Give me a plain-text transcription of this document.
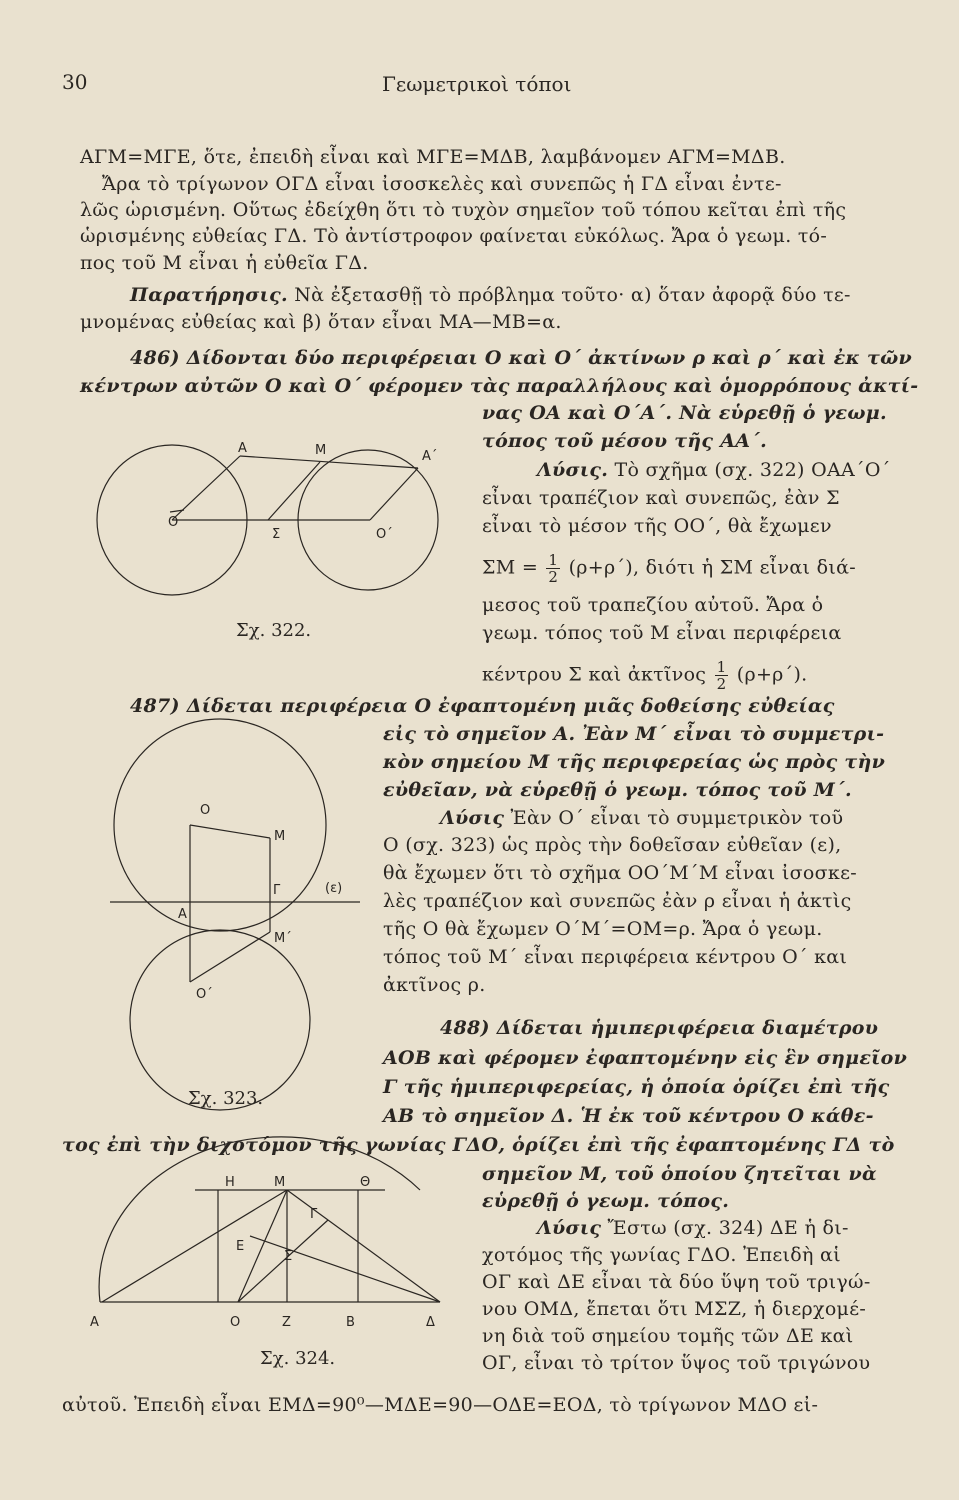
30	Γεωμετρικοὶ τόποι
ΑΓΜ=ΜΓΕ, ὅτε, ἐπειδὴ εἶναι καὶ ΜΓΕ=ΜΔΒ, λαμβάνομεν ΑΓΜ=ΜΔΒ.
Ἄρα τὸ τρίγωνον ΟΓΔ εἶναι ἰσοσκελὲς καὶ συνεπῶς ἡ ΓΔ εἶναι ἐντε-
λῶς ὡρισμένη. Οὕτως ἐδείχθη ὅτι τὸ τυχὸν σημεῖον τοῦ τόπου κεῖται ἐπὶ τῆς
ὡρισμένης εὐθείας ΓΔ. Τὸ ἀντίστροφον φαίνεται εὐκόλως. Ἄρα ὁ γεωμ. τό-
πος τοῦ Μ εἶναι ἡ εὐθεῖα ΓΔ.
Παρατήρησις. Νὰ ἐξετασθῇ τὸ πρόβλημα τοῦτο· α) ὅταν ἀφορᾷ δύο τε-
μνομένας εὐθείας καὶ β) ὅταν εἶναι ΜΑ—ΜΒ=α.
486) Δίδονται δύο περιφέρειαι Ο καὶ Ο΄ ἀκτίνων ρ καὶ ρ΄ καὶ ἐκ τῶν
κέντρων αὐτῶν Ο καὶ Ο΄ φέρομεν τὰς παραλλήλους καὶ ὁμορρόπους ἀκτί-
νας ΟΑ καὶ Ο΄Α΄. Νὰ εὑρεθῇ ὁ γεωμ.
τόπος τοῦ μέσου τῆς ΑΑ΄.
Λύσις. Τὸ σχῆμα (σχ. 322) ΟΑΑ΄Ο΄
εἶναι τραπέζιον καὶ συνεπῶς, ἐὰν Σ
εἶναι τὸ μέσον τῆς ΟΟ΄, θὰ ἔχωμεν
$\Sigma M = \frac{1}{2} (\rho+\rho΄)$, διότι ἡ ΣΜ εἶναι διά-
μεσος τοῦ τραπεζίου αὐτοῦ. Ἄρα ὁ
γεωμ. τόπος τοῦ Μ εἶναι περιφέρεια
κέντρου Σ καὶ ἀκτῖνος $\frac{1}{2} (\rho+\rho΄)$.
Α	Μ	Α΄
Ο
Σ	Ο΄
Σχ. 322.
487) Δίδεται περιφέρεια Ο ἐφαπτομένη μιᾶς δοθείσης εὐθείας
εἰς τὸ σημεῖον Α. Ἐὰν Μ΄ εἶναι τὸ συμμετρι-
κὸν σημείου Μ τῆς περιφερείας ὡς πρὸς τὴν
εὐθεῖαν, νὰ εὑρεθῇ ὁ γεωμ. τόπος τοῦ Μ΄.
Λύσις Ἐὰν Ο΄ εἶναι τὸ συμμετρικὸν τοῦ
Ο (σχ. 323) ὡς πρὸς τὴν δοθεῖσαν εὐθεῖαν (ε),
θὰ ἔχωμεν ὅτι τὸ σχῆμα ΟΟ΄Μ΄Μ εἶναι ἰσοσκε-
λὲς τραπέζιον καὶ συνεπῶς ἐὰν ρ εἶναι ἡ ἀκτὶς
τῆς Ο θὰ ἔχωμεν Ο΄Μ΄=ΟΜ=ρ. Ἄρα ὁ γεωμ.
τόπος τοῦ Μ΄ εἶναι περιφέρεια κέντρου Ο΄ και
ἀκτῖνος ρ.
Ο
Μ
Γ	(ε)
Α
Μ΄
Ο΄
Σχ. 323.
488) Δίδεται ἡμιπεριφέρεια διαμέτρου
ΑΟΒ καὶ φέρομεν ἐφαπτομένην εἰς ἓν σημεῖον
Γ τῆς ἡμιπεριφερείας, ἡ ὁποία ὁρίζει ἐπὶ τῆς
ΑΒ τὸ σημεῖον Δ. Ἡ ἐκ τοῦ κέντρου Ο κάθε-
τος ἐπὶ τὴν διχοτόμον τῆς γωνίας ΓΔΟ, ὁρίζει ἐπὶ τῆς ἐφαπτομένης ΓΔ τὸ
σημεῖον Μ, τοῦ ὁποίου ζητεῖται νὰ
εὑρεθῇ ὁ γεωμ. τόπος.
Λύσις Ἔστω (σχ. 324) ΔΕ ἡ δι-
χοτόμος τῆς γωνίας ΓΔΟ. Ἐπειδὴ αἱ
ΟΓ καὶ ΔΕ εἶναι τὰ δύο ὕψη τοῦ τριγώ-
νου ΟΜΔ, ἔπεται ὅτι ΜΣΖ, ἡ διερχομέ-
νη διὰ τοῦ σημείου τομῆς τῶν ΔΕ καὶ
ΟΓ, εἶναι τὸ τρίτον ὕψος τοῦ τριγώνου
αὐτοῦ. Ἐπειδὴ εἶναι ΕΜΔ=90⁰—ΜΔΕ=90—ΟΔΕ=ΕΟΔ, τὸ τρίγωνον ΜΔΟ εἰ-
Η	Μ	Θ
Γ
Ε
Σ
Α	Ο	Ζ	Β	Δ
Σχ. 324.
